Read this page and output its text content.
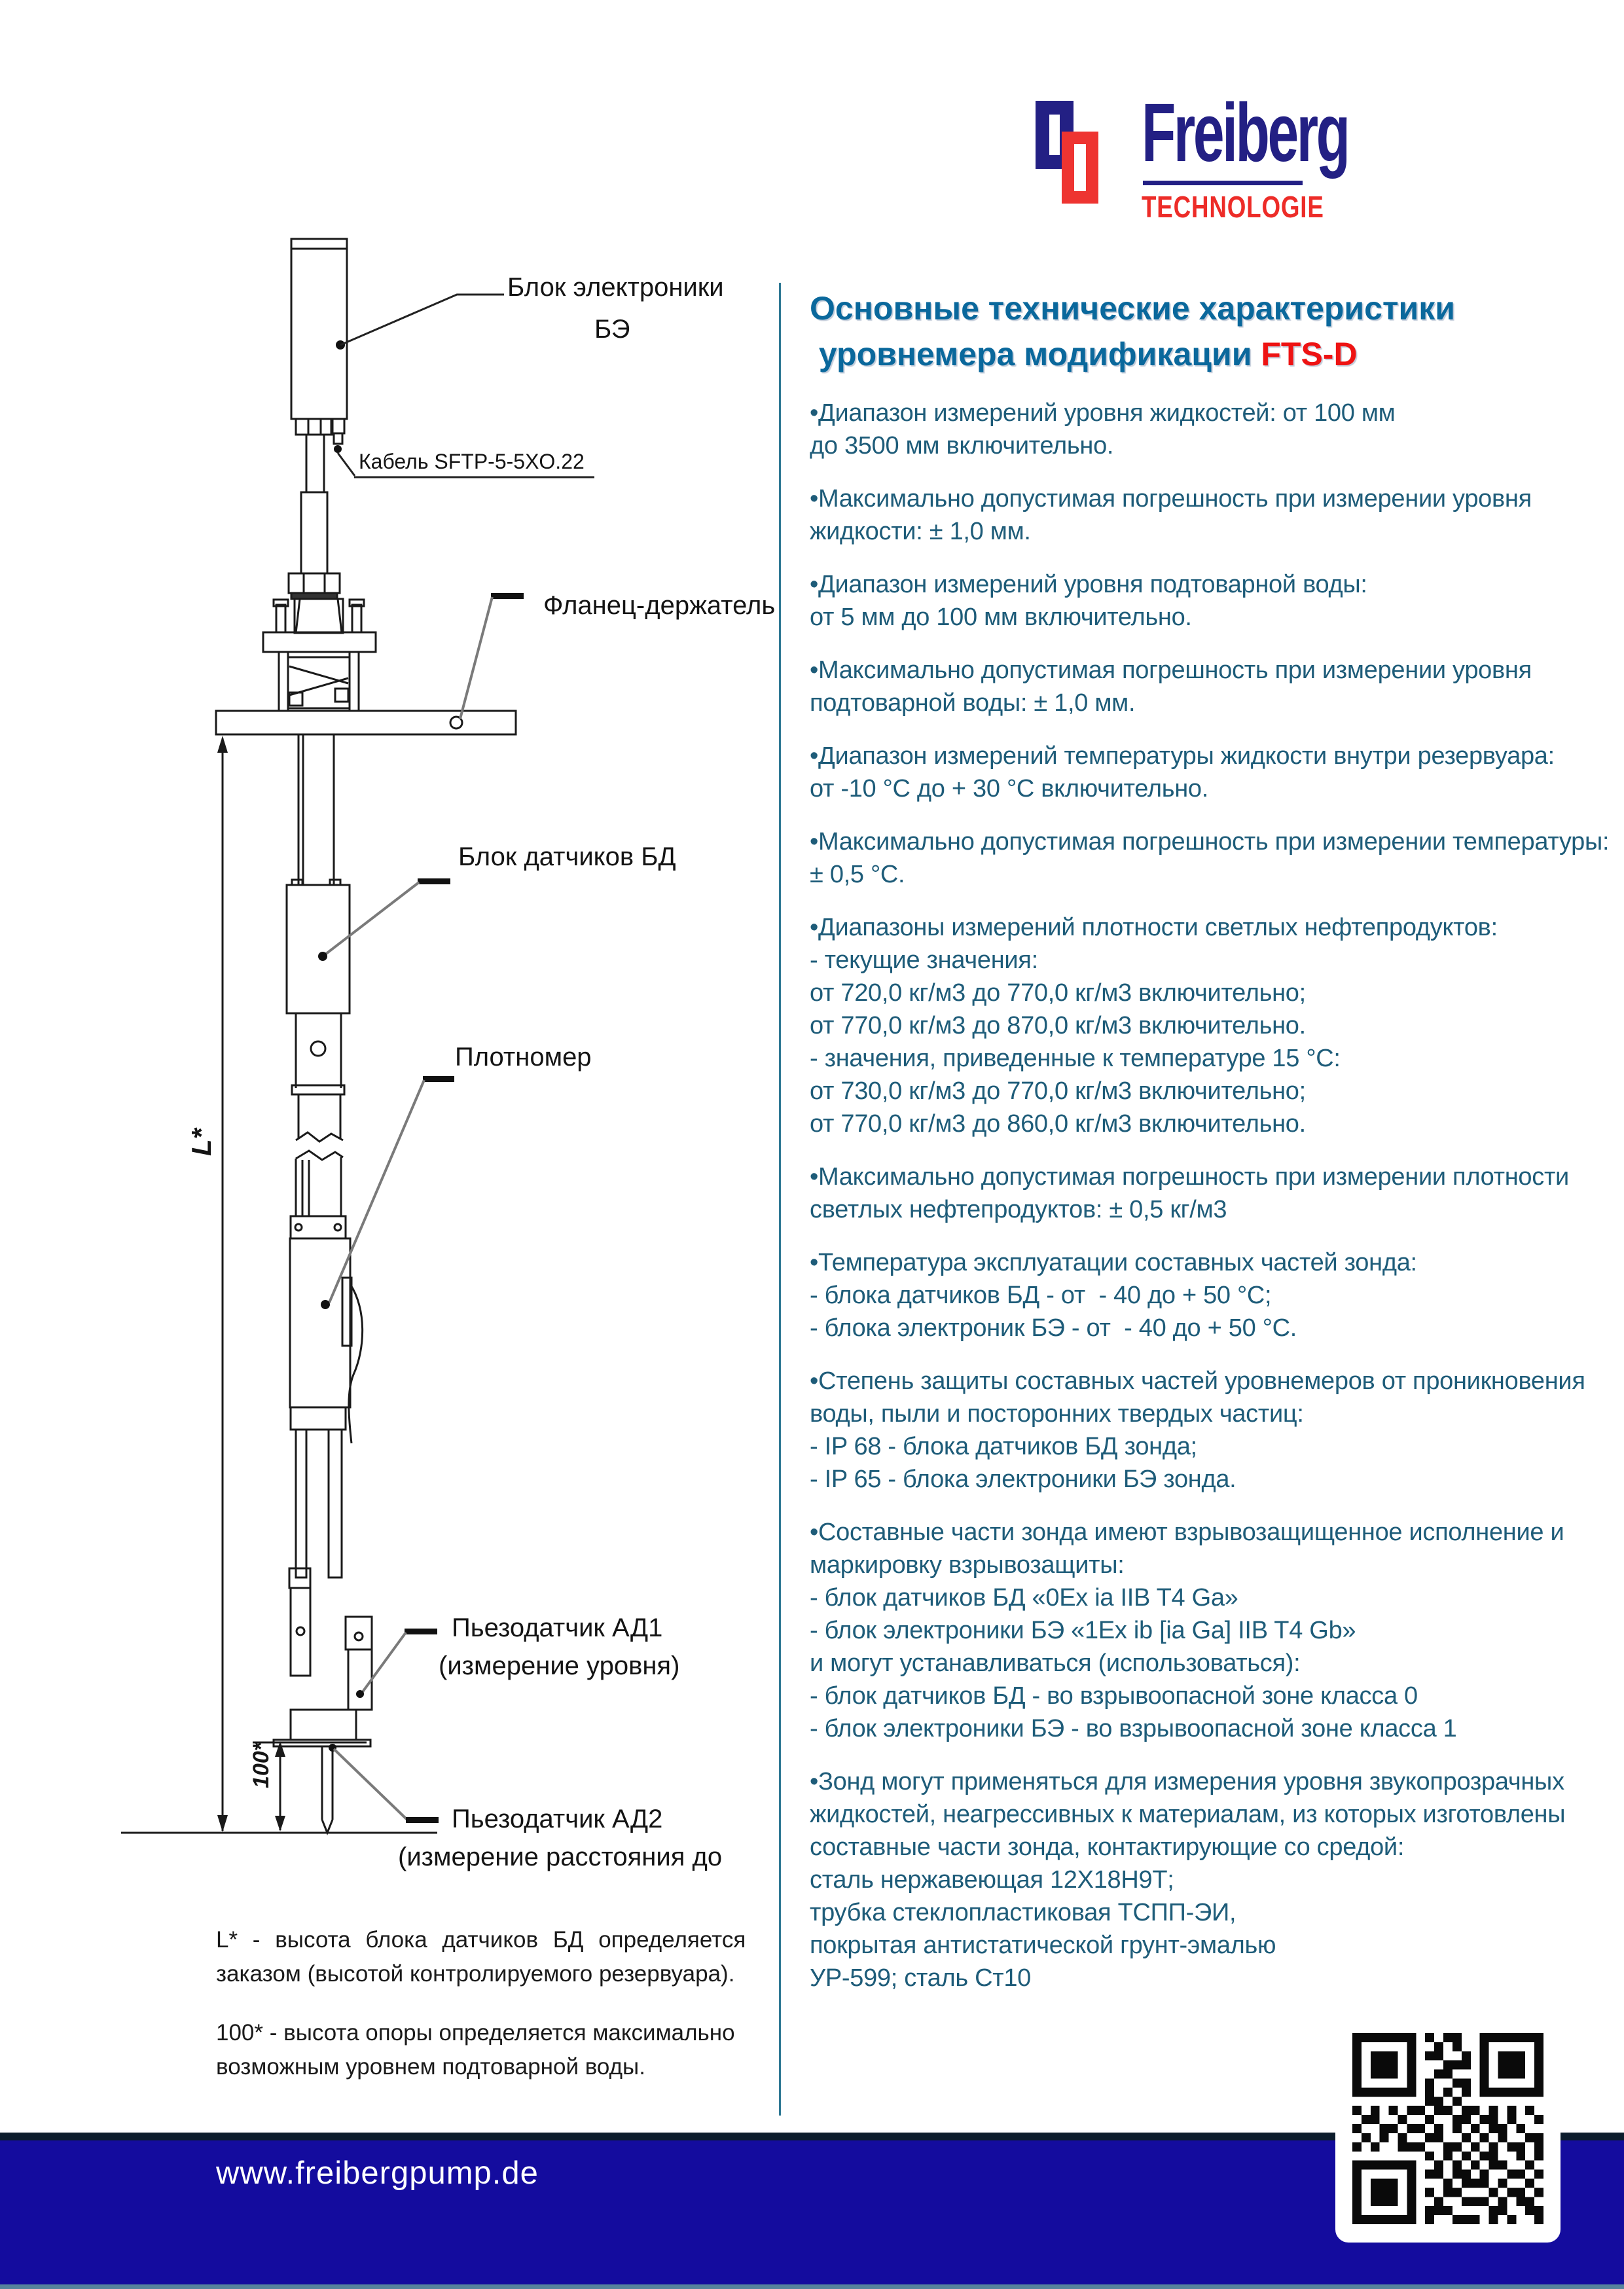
Freiberg
TECHNOLOGIE
Основные технические характеристики
уровнемера модификации FTS-D
•Диапазон измерений уровня жидкостей: от 100 мм
до 3500 мм включительно.
•Максимально допустимая погрешность при измерении уровня
жидкости: ± 1,0 мм.
•Диапазон измерений уровня подтоварной воды:
от 5 мм до 100 мм включительно.
•Максимально допустимая погрешность при измерении уровня
подтоварной воды: ± 1,0 мм.
•Диапазон измерений температуры жидкости внутри резервуара:
от -10 °C до + 30 °C включительно.
•Максимально допустимая погрешность при измерении температуры:
± 0,5 °C.
•Диапазоны измерений плотности светлых нефтепродуктов:
- текущие значения:
от 720,0 кг/м3 до 770,0 кг/м3 включительно;
от 770,0 кг/м3 до 870,0 кг/м3 включительно.
- значения, приведенные к температуре 15 °C:
от 730,0 кг/м3 до 770,0 кг/м3 включительно;
от 770,0 кг/м3 до 860,0 кг/м3 включительно.
•Максимально допустимая погрешность при измерении плотности
светлых нефтепродуктов: ± 0,5 кг/м3
•Температура эксплуатации составных частей зонда:
- блока датчиков БД - от  - 40 до + 50 °C;
- блока электроник БЭ - от  - 40 до + 50 °C.
•Степень защиты составных частей уровнемеров от проникновения
воды, пыли и посторонних твердых частиц:
- IP 68 - блока датчиков БД зонда;
- IP 65 - блока электроники БЭ зонда.
•Составные части зонда имеют взрывозащищенное исполнение и
маркировку взрывозащиты:
- блок датчиков БД «0Ex ia IIB T4 Ga»
- блок электроники БЭ «1Ex ib [ia Ga] IIB T4 Gb»
и могут устанавливаться (использоваться):
- блок датчиков БД - во взрывоопасной зоне класса 0
- блок электроники БЭ - во взрывоопасной зоне класса 1
•Зонд могут применяться для измерения уровня звукопрозрачных
жидкостей, неагрессивных к материалам, из которых изготовлены
составные части зонда, контактирующие со средой:
сталь нержавеющая 12Х18Н9Т;
трубка стеклопластиковая ТСПП-ЭИ,
покрытая антистатической грунт-эмалью
УР-599; сталь Ст10
Блок электроники
БЭ
Кабель SFTP-5-5XO.22
Фланец-держатель
Блок датчиков БД
Плотномер
Пьезодатчик АД1
(измерение уровня)
Пьезодатчик АД2
(измерение расстояния до
L*
100*
L* - высота блока датчиков БД определяется
заказом (высотой контролируемого резервуара).
100* - высота опоры определяется максимально
возможным уровнем подтоварной воды.
www.freibergpump.de
